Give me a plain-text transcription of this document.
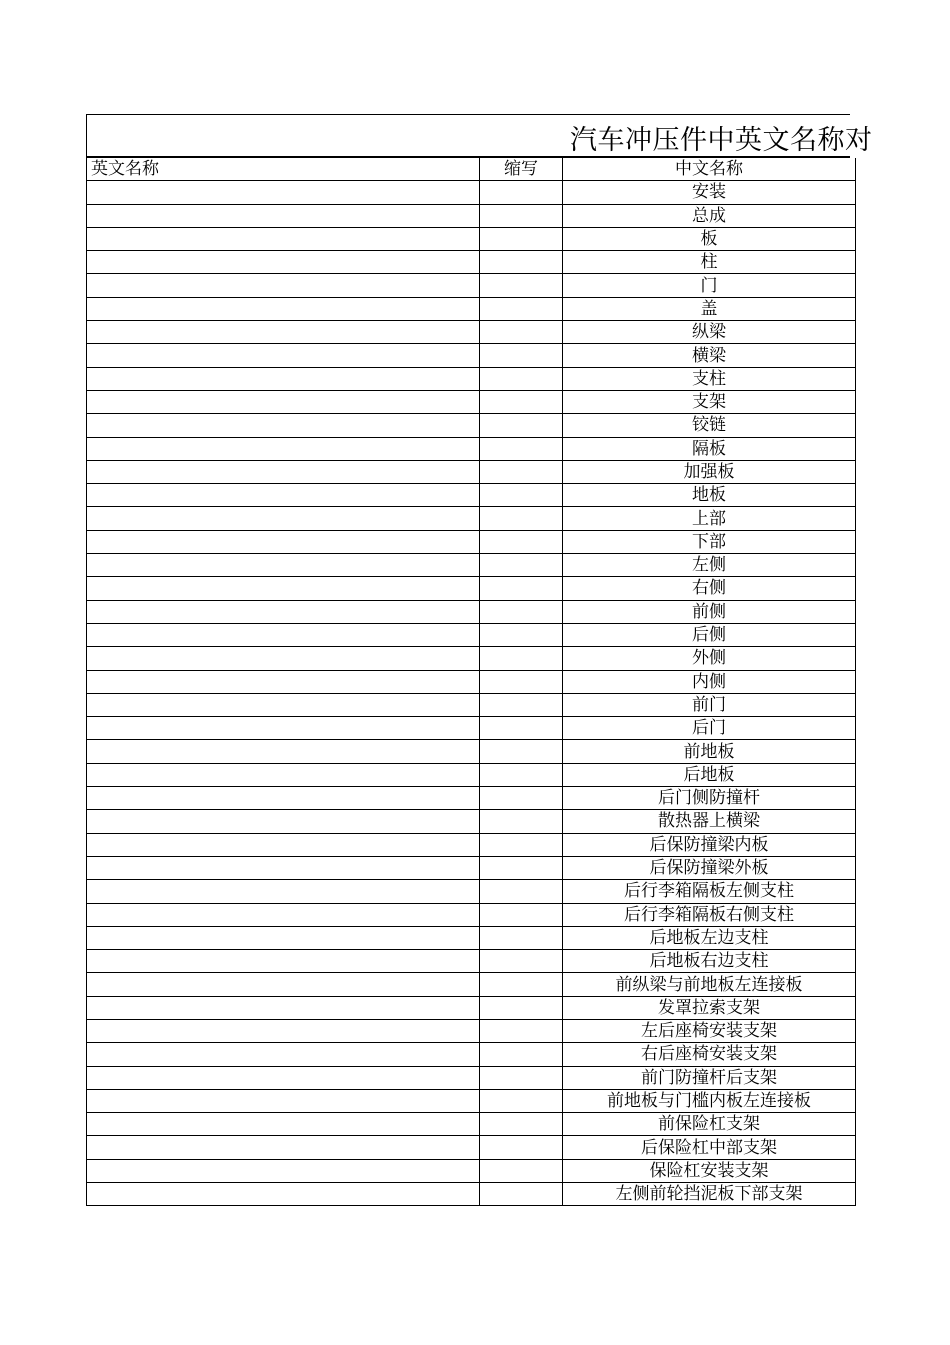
汽车冲压件中英文名称对
英文名称	缩写	中文名称
		安装
		总成
		板
		柱
		门
		盖
		纵梁
		横梁
		支柱
		支架
		铰链
		隔板
		加强板
		地板
		上部
		下部
		左侧
		右侧
		前侧
		后侧
		外侧
		内侧
		前门
		后门
		前地板
		后地板
		后门侧防撞杆
		散热器上横梁
		后保防撞梁内板
		后保防撞梁外板
		后行李箱隔板左侧支柱
		后行李箱隔板右侧支柱
		后地板左边支柱
		后地板右边支柱
		前纵梁与前地板左连接板
		发罩拉索支架
		左后座椅安装支架
		右后座椅安装支架
		前门防撞杆后支架
		前地板与门槛内板左连接板
		前保险杠支架
		后保险杠中部支架
		保险杠安装支架
		左侧前轮挡泥板下部支架
